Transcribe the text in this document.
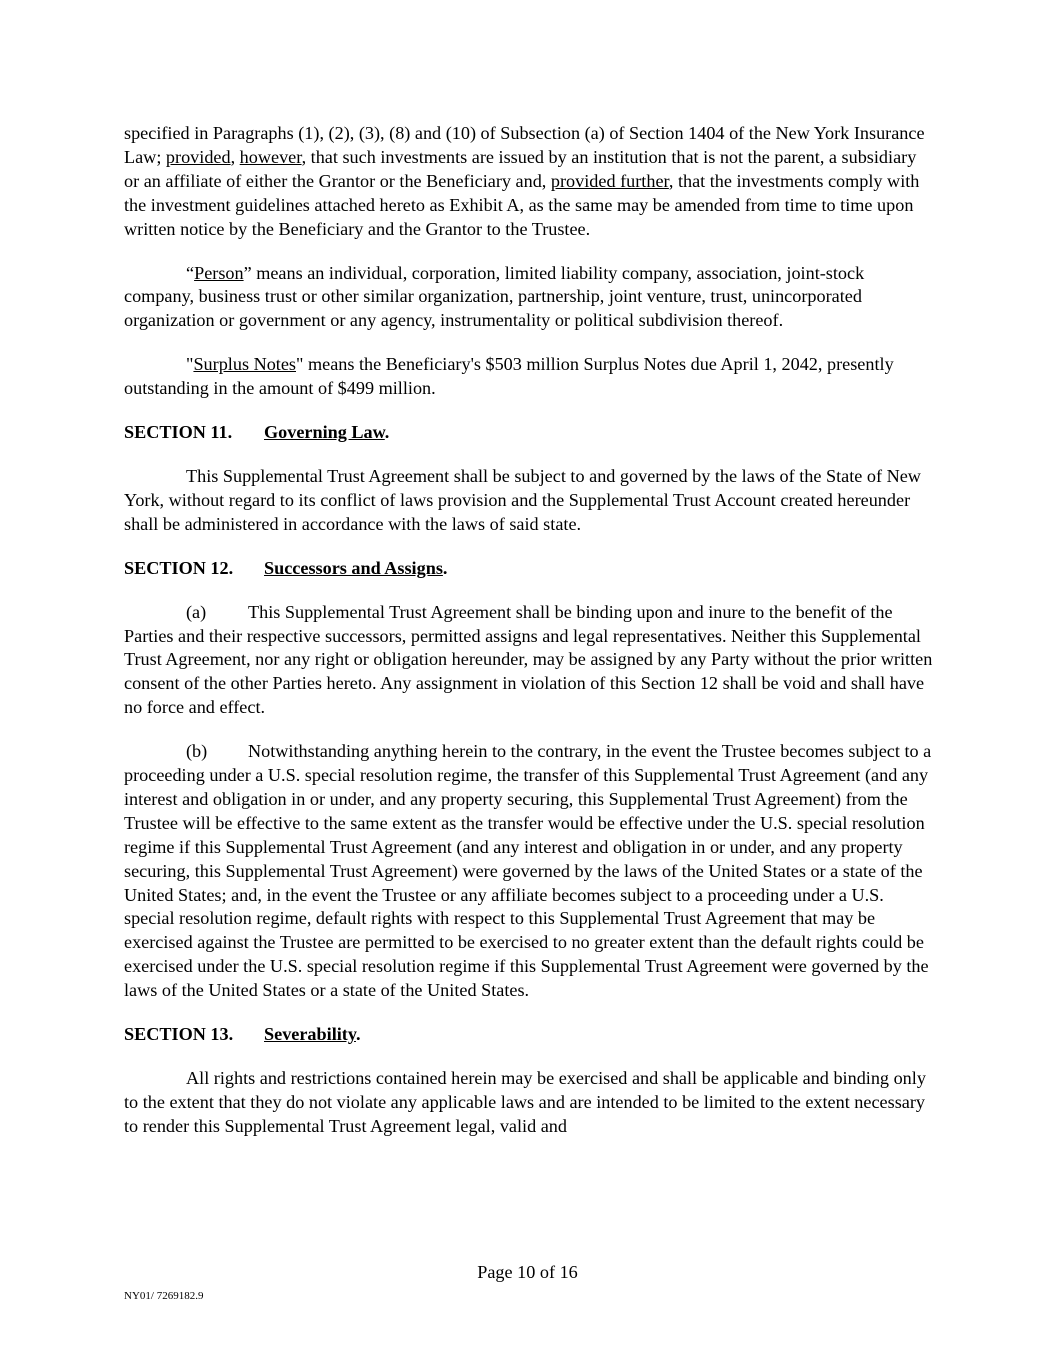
specified in Paragraphs (1), (2), (3), (8) and (10) of Subsection (a) of Section 1404 of the New York Insurance Law; provided, however, that such investments are issued by an institution that is not the parent, a subsidiary or an affiliate of either the Grantor or the Beneficiary and, provided further, that the investments comply with the investment guidelines attached hereto as Exhibit A, as the same may be amended from time to time upon written notice by the Beneficiary and the Grantor to the Trustee.

“Person” means an individual, corporation, limited liability company, association, joint-stock company, business trust or other similar organization, partnership, joint venture, trust, unincorporated organization or government or any agency, instrumentality or political subdivision thereof.

"Surplus Notes" means the Beneficiary's $503 million Surplus Notes due April 1, 2042, presently outstanding in the amount of $499 million.

SECTION 11. Governing Law.

This Supplemental Trust Agreement shall be subject to and governed by the laws of the State of New York, without regard to its conflict of laws provision and the Supplemental Trust Account created hereunder shall be administered in accordance with the laws of said state.

SECTION 12. Successors and Assigns.

(a) This Supplemental Trust Agreement shall be binding upon and inure to the benefit of the Parties and their respective successors, permitted assigns and legal representatives. Neither this Supplemental Trust Agreement, nor any right or obligation hereunder, may be assigned by any Party without the prior written consent of the other Parties hereto. Any assignment in violation of this Section 12 shall be void and shall have no force and effect.

(b) Notwithstanding anything herein to the contrary, in the event the Trustee becomes subject to a proceeding under a U.S. special resolution regime, the transfer of this Supplemental Trust Agreement (and any interest and obligation in or under, and any property securing, this Supplemental Trust Agreement) from the Trustee will be effective to the same extent as the transfer would be effective under the U.S. special resolution regime if this Supplemental Trust Agreement (and any interest and obligation in or under, and any property securing, this Supplemental Trust Agreement) were governed by the laws of the United States or a state of the United States; and, in the event the Trustee or any affiliate becomes subject to a proceeding under a U.S. special resolution regime, default rights with respect to this Supplemental Trust Agreement that may be exercised against the Trustee are permitted to be exercised to no greater extent than the default rights could be exercised under the U.S. special resolution regime if this Supplemental Trust Agreement were governed by the laws of the United States or a state of the United States.

SECTION 13. Severability.

All rights and restrictions contained herein may be exercised and shall be applicable and binding only to the extent that they do not violate any applicable laws and are intended to be limited to the extent necessary to render this Supplemental Trust Agreement legal, valid and

Page 10 of 16
NY01/ 7269182.9
